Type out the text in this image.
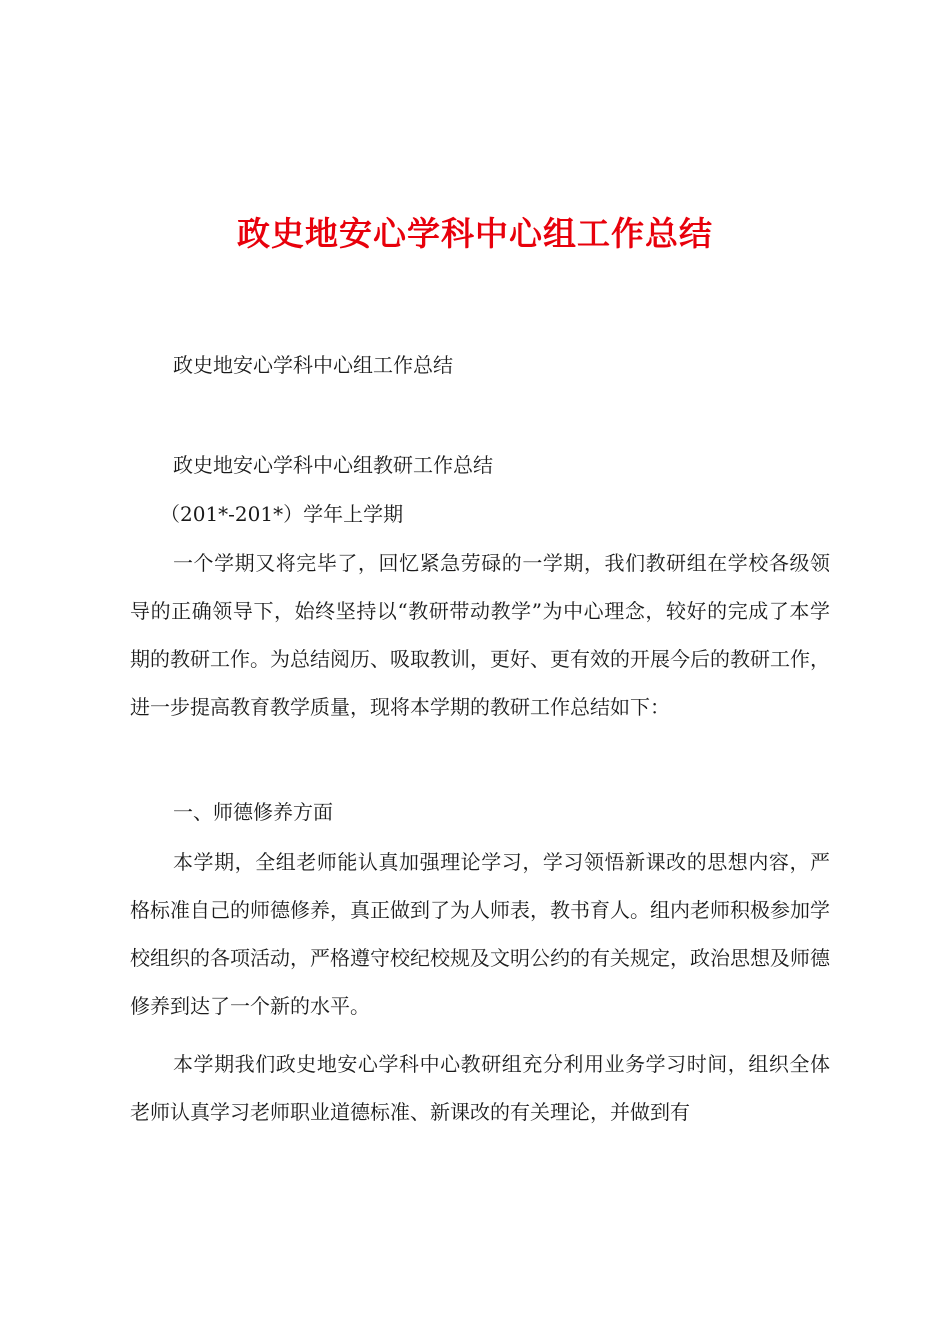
政史地安心学科中心组工作总结
政史地安心学科中心组工作总结
政史地安心学科中心组教研工作总结
（201*-201*）学年上学期
一个学期又将完毕了，回忆紧急劳碌的一学期，我们教研组在学校各级领导的正确领导下，始终坚持以“教研带动教学”为中心理念，较好的完成了本学期的教研工作。为总结阅历、吸取教训，更好、更有效的开展今后的教研工作，进一步提高教育教学质量，现将本学期的教研工作总结如下：
一、师德修养方面
本学期，全组老师能认真加强理论学习，学习领悟新课改的思想内容，严格标准自己的师德修养，真正做到了为人师表，教书育人。组内老师积极参加学校组织的各项活动，严格遵守校纪校规及文明公约的有关规定，政治思想及师德修养到达了一个新的水平。
本学期我们政史地安心学科中心教研组充分利用业务学习时间，组织全体老师认真学习老师职业道德标准、新课改的有关理论，并做到有
